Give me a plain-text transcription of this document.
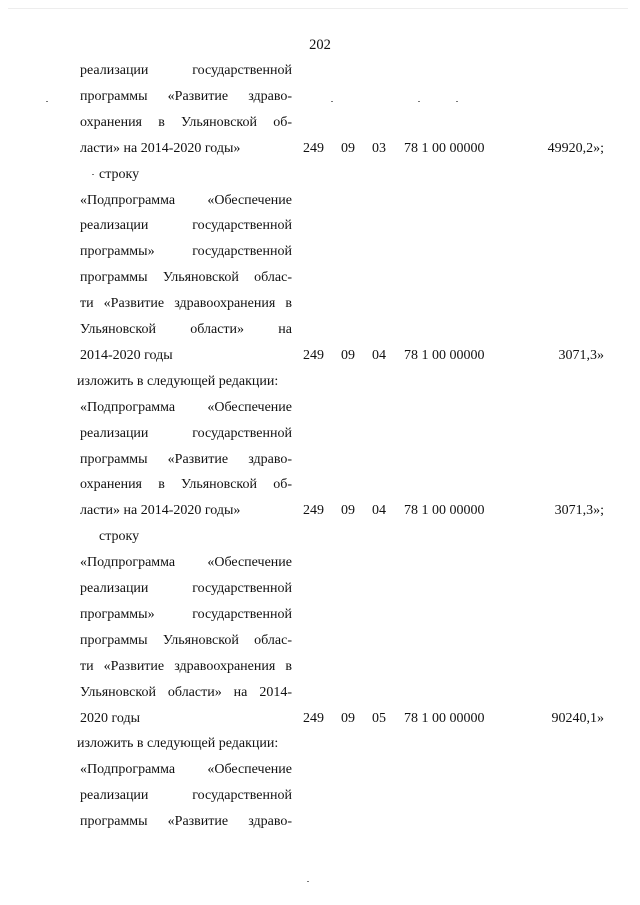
202
реализации	государственной
программы «Развитие здраво-
охранения в Ульяновской об-
ласти» на 2014-2020 годы»	249 09 03 78 1 00 00000	49920,2»;
строку
«Подпрограмма «Обеспечение
реализации	государственной
программы»	государственной
программы Ульяновской облас-
ти «Развитие здравоохранения в
Ульяновской области» на
2014-2020 годы	249 09 04 78 1 00 00000	3071,3»
изложить в следующей редакции:
«Подпрограмма «Обеспечение
реализации	государственной
программы «Развитие здраво-
охранения в Ульяновской об-
ласти» на 2014-2020 годы»	249 09 04 78 1 00 00000	3071,3»;
строку
«Подпрограмма «Обеспечение
реализации	государственной
программы»	государственной
программы Ульяновской облас-
ти «Развитие здравоохранения в
Ульяновской области» на 2014-
2020 годы	249 09 05 78 1 00 00000	90240,1»
изложить в следующей редакции:
«Подпрограмма «Обеспечение
реализации	государственной
программы «Развитие здраво-
